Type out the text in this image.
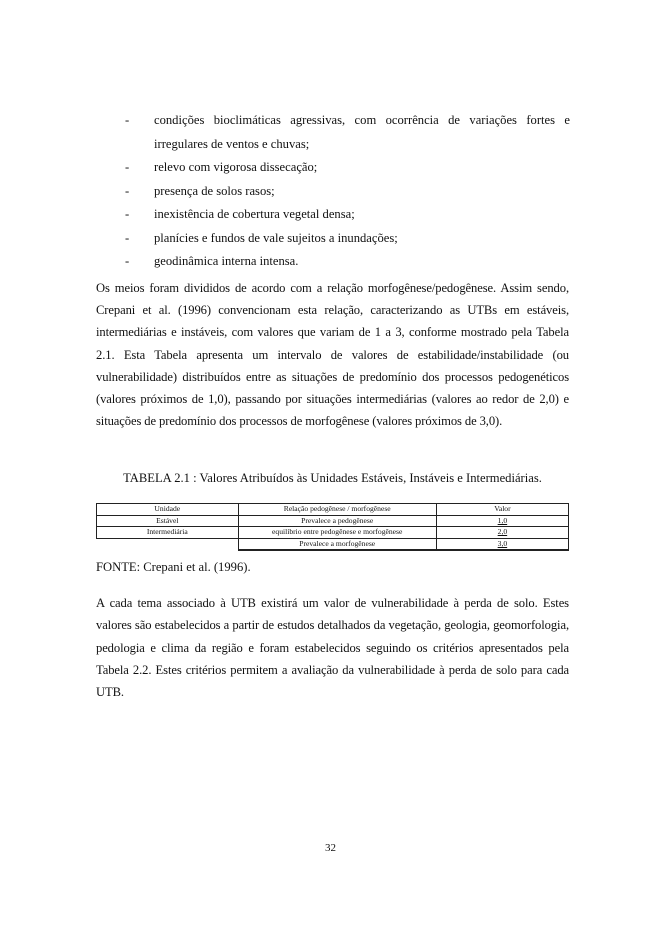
- condições bioclimáticas agressivas, com ocorrência de variações fortes e irregulares de ventos e chuvas;
- relevo com vigorosa dissecação;
- presença de solos rasos;
- inexistência de cobertura vegetal densa;
- planícies e fundos de vale sujeitos a inundações;
- geodinâmica interna intensa.

Os meios foram divididos de acordo com a relação morfogênese/pedogênese. Assim sendo, Crepani et al. (1996) convencionam esta relação, caracterizando as UTBs em estáveis, intermediárias e instáveis, com valores que variam de 1 a 3, conforme mostrado pela Tabela 2.1. Esta Tabela apresenta um intervalo de valores de estabilidade/instabilidade (ou vulnerabilidade) distribuídos entre as situações de predomínio dos processos pedogenéticos (valores próximos de 1,0), passando por situações intermediárias (valores ao redor de 2,0) e situações de predomínio dos processos de morfogênese (valores próximos de 3,0).

TABELA 2.1 : Valores Atribuídos às Unidades Estáveis, Instáveis e Intermediárias.

Unidade	Relação pedogênese / morfogênese	Valor
Estável	Prevalece a pedogênese	1,0
Intermediária	equilíbrio entre pedogênese e morfogênese	2,0
	Prevalece a morfogênese	3,0

FONTE: Crepani et al. (1996).

A cada tema associado à UTB existirá um valor de vulnerabilidade à perda de solo. Estes valores são estabelecidos a partir de estudos detalhados da vegetação, geologia, geomorfologia, pedologia e clima da região e foram estabelecidos seguindo os critérios apresentados pela Tabela 2.2. Estes critérios permitem a avaliação da vulnerabilidade à perda de solo para cada UTB.

32
